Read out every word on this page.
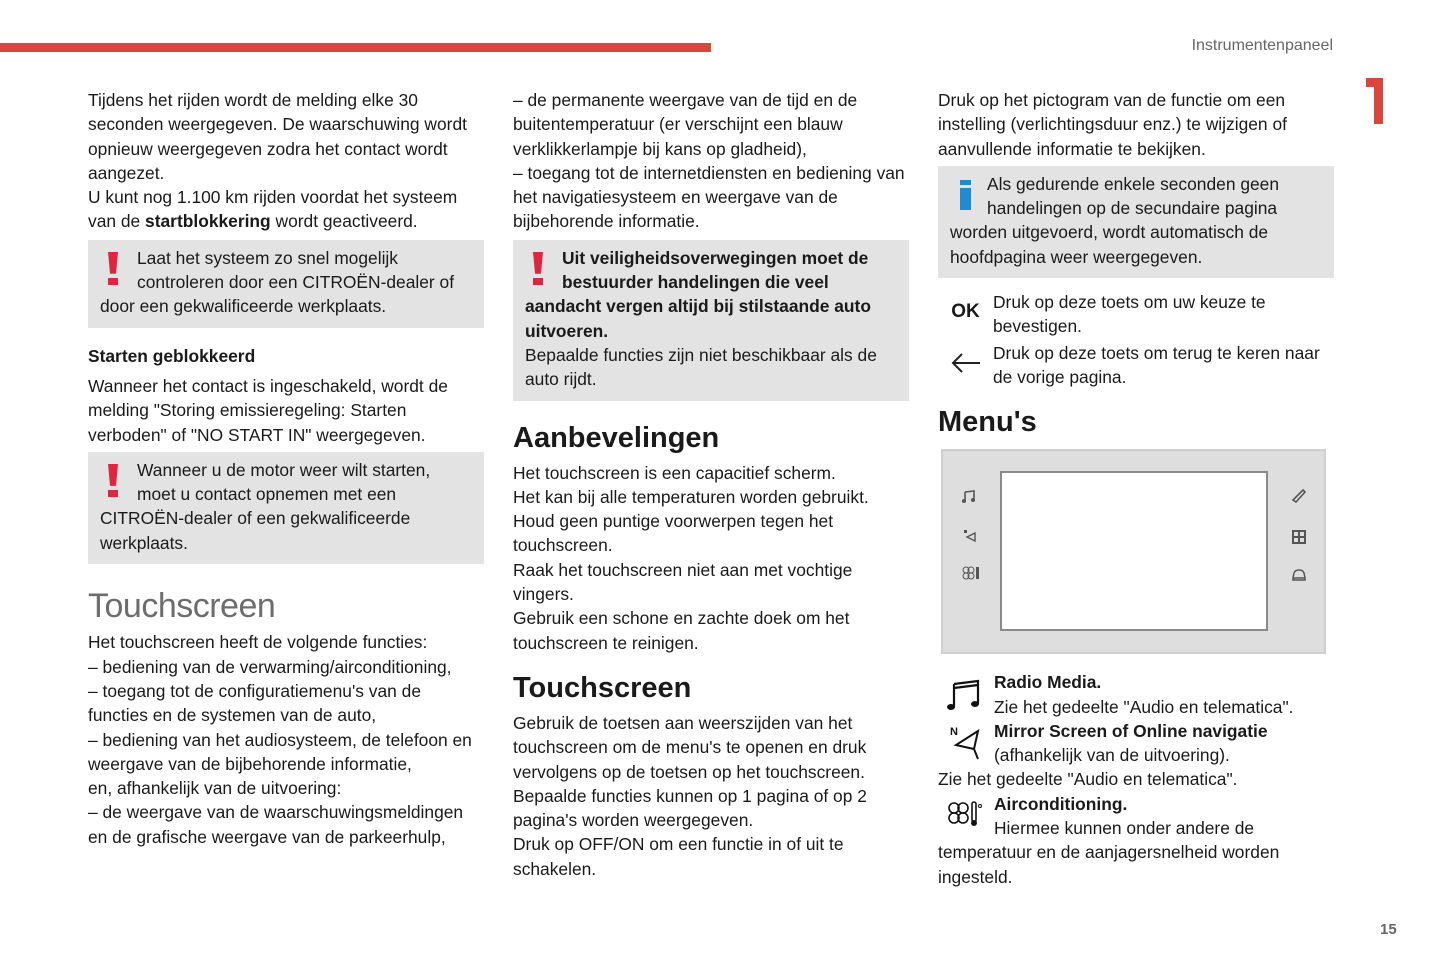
Instrumentenpaneel
15

Tijdens het rijden wordt de melding elke 30 seconden weergegeven. De waarschuwing wordt opnieuw weergegeven zodra het contact wordt aangezet.

U kunt nog 1.100 km rijden voordat het systeem van de startblokkering wordt geactiveerd.

Laat het systeem zo snel mogelijk controleren door een CITROËN-dealer of
door een gekwalificeerde werkplaats.
Starten geblokkeerd

Wanneer het contact is ingeschakeld, wordt de melding "Storing emissieregeling: Starten verboden" of "NO START IN" weergegeven.

Wanneer u de motor weer wilt starten, moet u contact opnemen met een
CITROËN-dealer of een gekwalificeerde werkplaats.
Touchscreen

Het touchscreen heeft de volgende functies:

– bediening van de verwarming/airconditioning,

– toegang tot de configuratiemenu's van de functies en de systemen van de auto,

– bediening van het audiosysteem, de telefoon en weergave van de bijbehorende informatie,

en, afhankelijk van de uitvoering:

– de weergave van de waarschuwingsmeldingen en de grafische weergave van de parkeerhulp,

– de permanente weergave van de tijd en de buitentemperatuur (er verschijnt een blauw verklikkerlampje bij kans op gladheid),

– toegang tot de internetdiensten en bediening van het navigatiesysteem en weergave van de bijbehorende informatie.

Uit veiligheidsoverwegingen moet de bestuurder handelingen die veel
aandacht vergen altijd bij stilstaande auto uitvoeren.
Bepaalde functies zijn niet beschikbaar als de auto rijdt.
Aanbevelingen

Het touchscreen is een capacitief scherm.

Het kan bij alle temperaturen worden gebruikt.

Houd geen puntige voorwerpen tegen het touchscreen.

Raak het touchscreen niet aan met vochtige vingers.

Gebruik een schone en zachte doek om het touchscreen te reinigen.

Touchscreen

Gebruik de toetsen aan weerszijden van het touchscreen om de menu's te openen en druk vervolgens op de toetsen op het touchscreen.

Bepaalde functies kunnen op 1 pagina of op 2 pagina's worden weergegeven.

Druk op OFF/ON om een functie in of uit te schakelen.

Druk op het pictogram van de functie om een instelling (verlichtingsduur enz.) te wijzigen of aanvullende informatie te bekijken.

Als gedurende enkele seconden geen handelingen op de secundaire pagina
worden uitgevoerd, wordt automatisch de hoofdpagina weer weergegeven.
OK Druk op deze toets om uw keuze te bevestigen.
Druk op deze toets om terug te keren naar de vorige pagina.
Menu's
Radio Media.
Zie het gedeelte "Audio en telematica".
N	Mirror Screen of Online navigatie
(afhankelijk van de uitvoering).
Zie het gedeelte "Audio en telematica".
Airconditioning.
Hiermee kunnen onder andere de temperatuur en de aanjagersnelheid worden ingesteld.
